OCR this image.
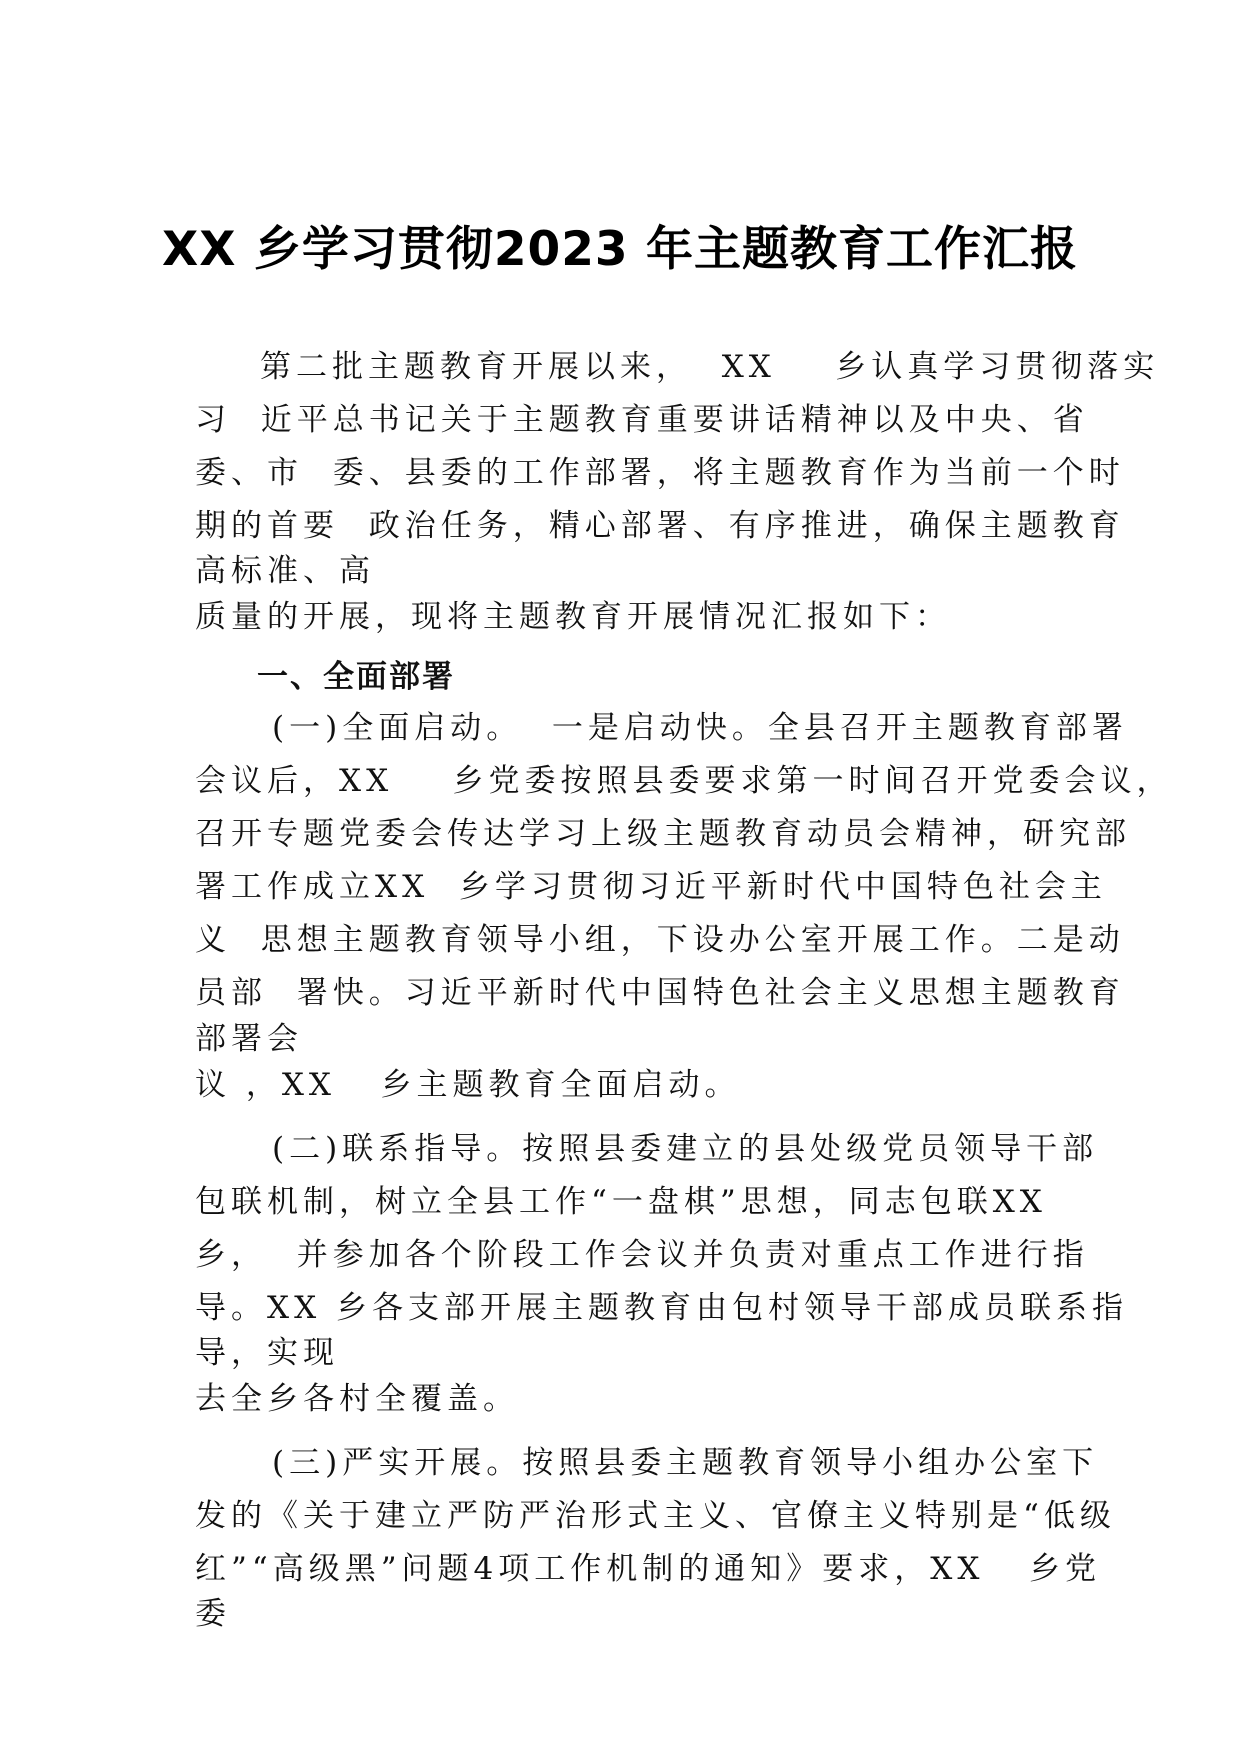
XX 乡学习贯彻2023 年主题教育工作汇报
第二批主题教育开展以来，  XX    乡认真学习贯彻落实
习  近平总书记关于主题教育重要讲话精神以及中央、省
委、市  委、县委的工作部署，将主题教育作为当前一个时
期的首要  政治任务，精心部署、有序推进，确保主题教育
高标准、高
质量的开展，现将主题教育开展情况汇报如下：
一、全面部署
(一)全面启动。  一是启动快。全县召开主题教育部署
会议后，XX    乡党委按照县委要求第一时间召开党委会议，
召开专题党委会传达学习上级主题教育动员会精神，研究部
署工作成立XX  乡学习贯彻习近平新时代中国特色社会主
义  思想主题教育领导小组，下设办公室开展工作。二是动
员部  署快。习近平新时代中国特色社会主义思想主题教育
部署会
议 ，XX   乡主题教育全面启动。
(二)联系指导。按照县委建立的县处级党员领导干部
包联机制，树立全县工作“一盘棋”思想，同志包联XX
乡，  并参加各个阶段工作会议并负责对重点工作进行指
导。XX 乡各支部开展主题教育由包村领导干部成员联系指
导，实现
去全乡各村全覆盖。
(三)严实开展。按照县委主题教育领导小组办公室下
发的《关于建立严防严治形式主义、官僚主义特别是“低级
红”“高级黑”问题4项工作机制的通知》要求，XX   乡党
委
